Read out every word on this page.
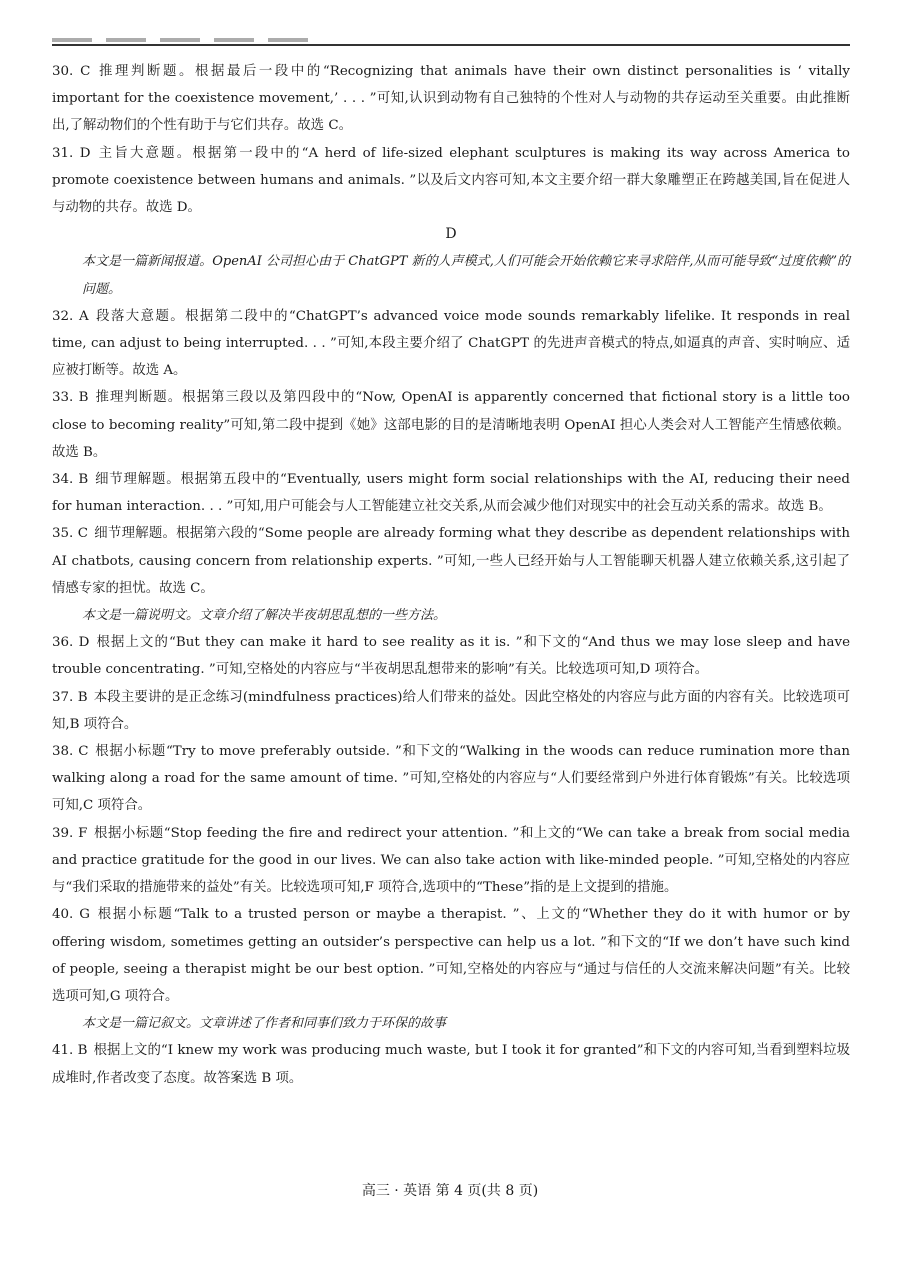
30. C 推理判断题。根据最后一段中的“Recognizing that animals have their own distinct personalities is ‘ vitally important for the coexistence movement,’ . . . ”可知,认识到动物有自己独特的个性对人与动物的共存运动至关重要。由此推断出,了解动物们的个性有助于与它们共存。故选 C。

31. D 主旨大意题。根据第一段中的“A herd of life-sized elephant sculptures is making its way across America to promote coexistence between humans and animals. ”以及后文内容可知,本文主要介绍一群大象雕塑正在跨越美国,旨在促进人与动物的共存。故选 D。

D

本文是一篇新闻报道。OpenAI 公司担心由于 ChatGPT 新的人声模式,人们可能会开始依赖它来寻求陪伴,从而可能导致“过度依赖”的问题。

32. A 段落大意题。根据第二段中的“ChatGPT’s advanced voice mode sounds remarkably lifelike. It responds in real time, can adjust to being interrupted. . . ”可知,本段主要介绍了 ChatGPT 的先进声音模式的特点,如逼真的声音、实时响应、适应被打断等。故选 A。

33. B 推理判断题。根据第三段以及第四段中的“Now, OpenAI is apparently concerned that fictional story is a little too close to becoming reality”可知,第二段中提到《她》这部电影的目的是清晰地表明 OpenAI 担心人类会对人工智能产生情感依赖。故选 B。

34. B 细节理解题。根据第五段中的“Eventually, users might form social relationships with the AI, reducing their need for human interaction. . . ”可知,用户可能会与人工智能建立社交关系,从而会减少他们对现实中的社会互动关系的需求。故选 B。

35. C 细节理解题。根据第六段的“Some people are already forming what they describe as dependent relationships with AI chatbots, causing concern from relationship experts. ”可知,一些人已经开始与人工智能聊天机器人建立依赖关系,这引起了情感专家的担忧。故选 C。

本文是一篇说明文。文章介绍了解决半夜胡思乱想的一些方法。

36. D 根据上文的“But they can make it hard to see reality as it is. ”和下文的“And thus we may lose sleep and have trouble concentrating. ”可知,空格处的内容应与“半夜胡思乱想带来的影响”有关。比较选项可知,D 项符合。

37. B 本段主要讲的是正念练习(mindfulness practices)给人们带来的益处。因此空格处的内容应与此方面的内容有关。比较选项可知,B 项符合。

38. C 根据小标题“Try to move preferably outside. ”和下文的“Walking in the woods can reduce rumination more than walking along a road for the same amount of time. ”可知,空格处的内容应与“人们要经常到户外进行体育锻炼”有关。比较选项可知,C 项符合。

39. F 根据小标题“Stop feeding the fire and redirect your attention. ”和上文的“We can take a break from social media and practice gratitude for the good in our lives. We can also take action with like-minded people. ”可知,空格处的内容应与“我们采取的措施带来的益处”有关。比较选项可知,F 项符合,选项中的“These”指的是上文提到的措施。

40. G 根据小标题“Talk to a trusted person or maybe a therapist. ”、上文的“Whether they do it with humor or by offering wisdom, sometimes getting an outsider’s perspective can help us a lot. ”和下文的“If we don’t have such kind of people, seeing a therapist might be our best option. ”可知,空格处的内容应与“通过与信任的人交流来解决问题”有关。比较选项可知,G 项符合。

本文是一篇记叙文。文章讲述了作者和同事们致力于环保的故事

41. B 根据上文的“I knew my work was producing much waste, but I took it for granted”和下文的内容可知,当看到塑料垃圾成堆时,作者改变了态度。故答案选 B 项。

高三 · 英语 第 4 页(共 8 页)
